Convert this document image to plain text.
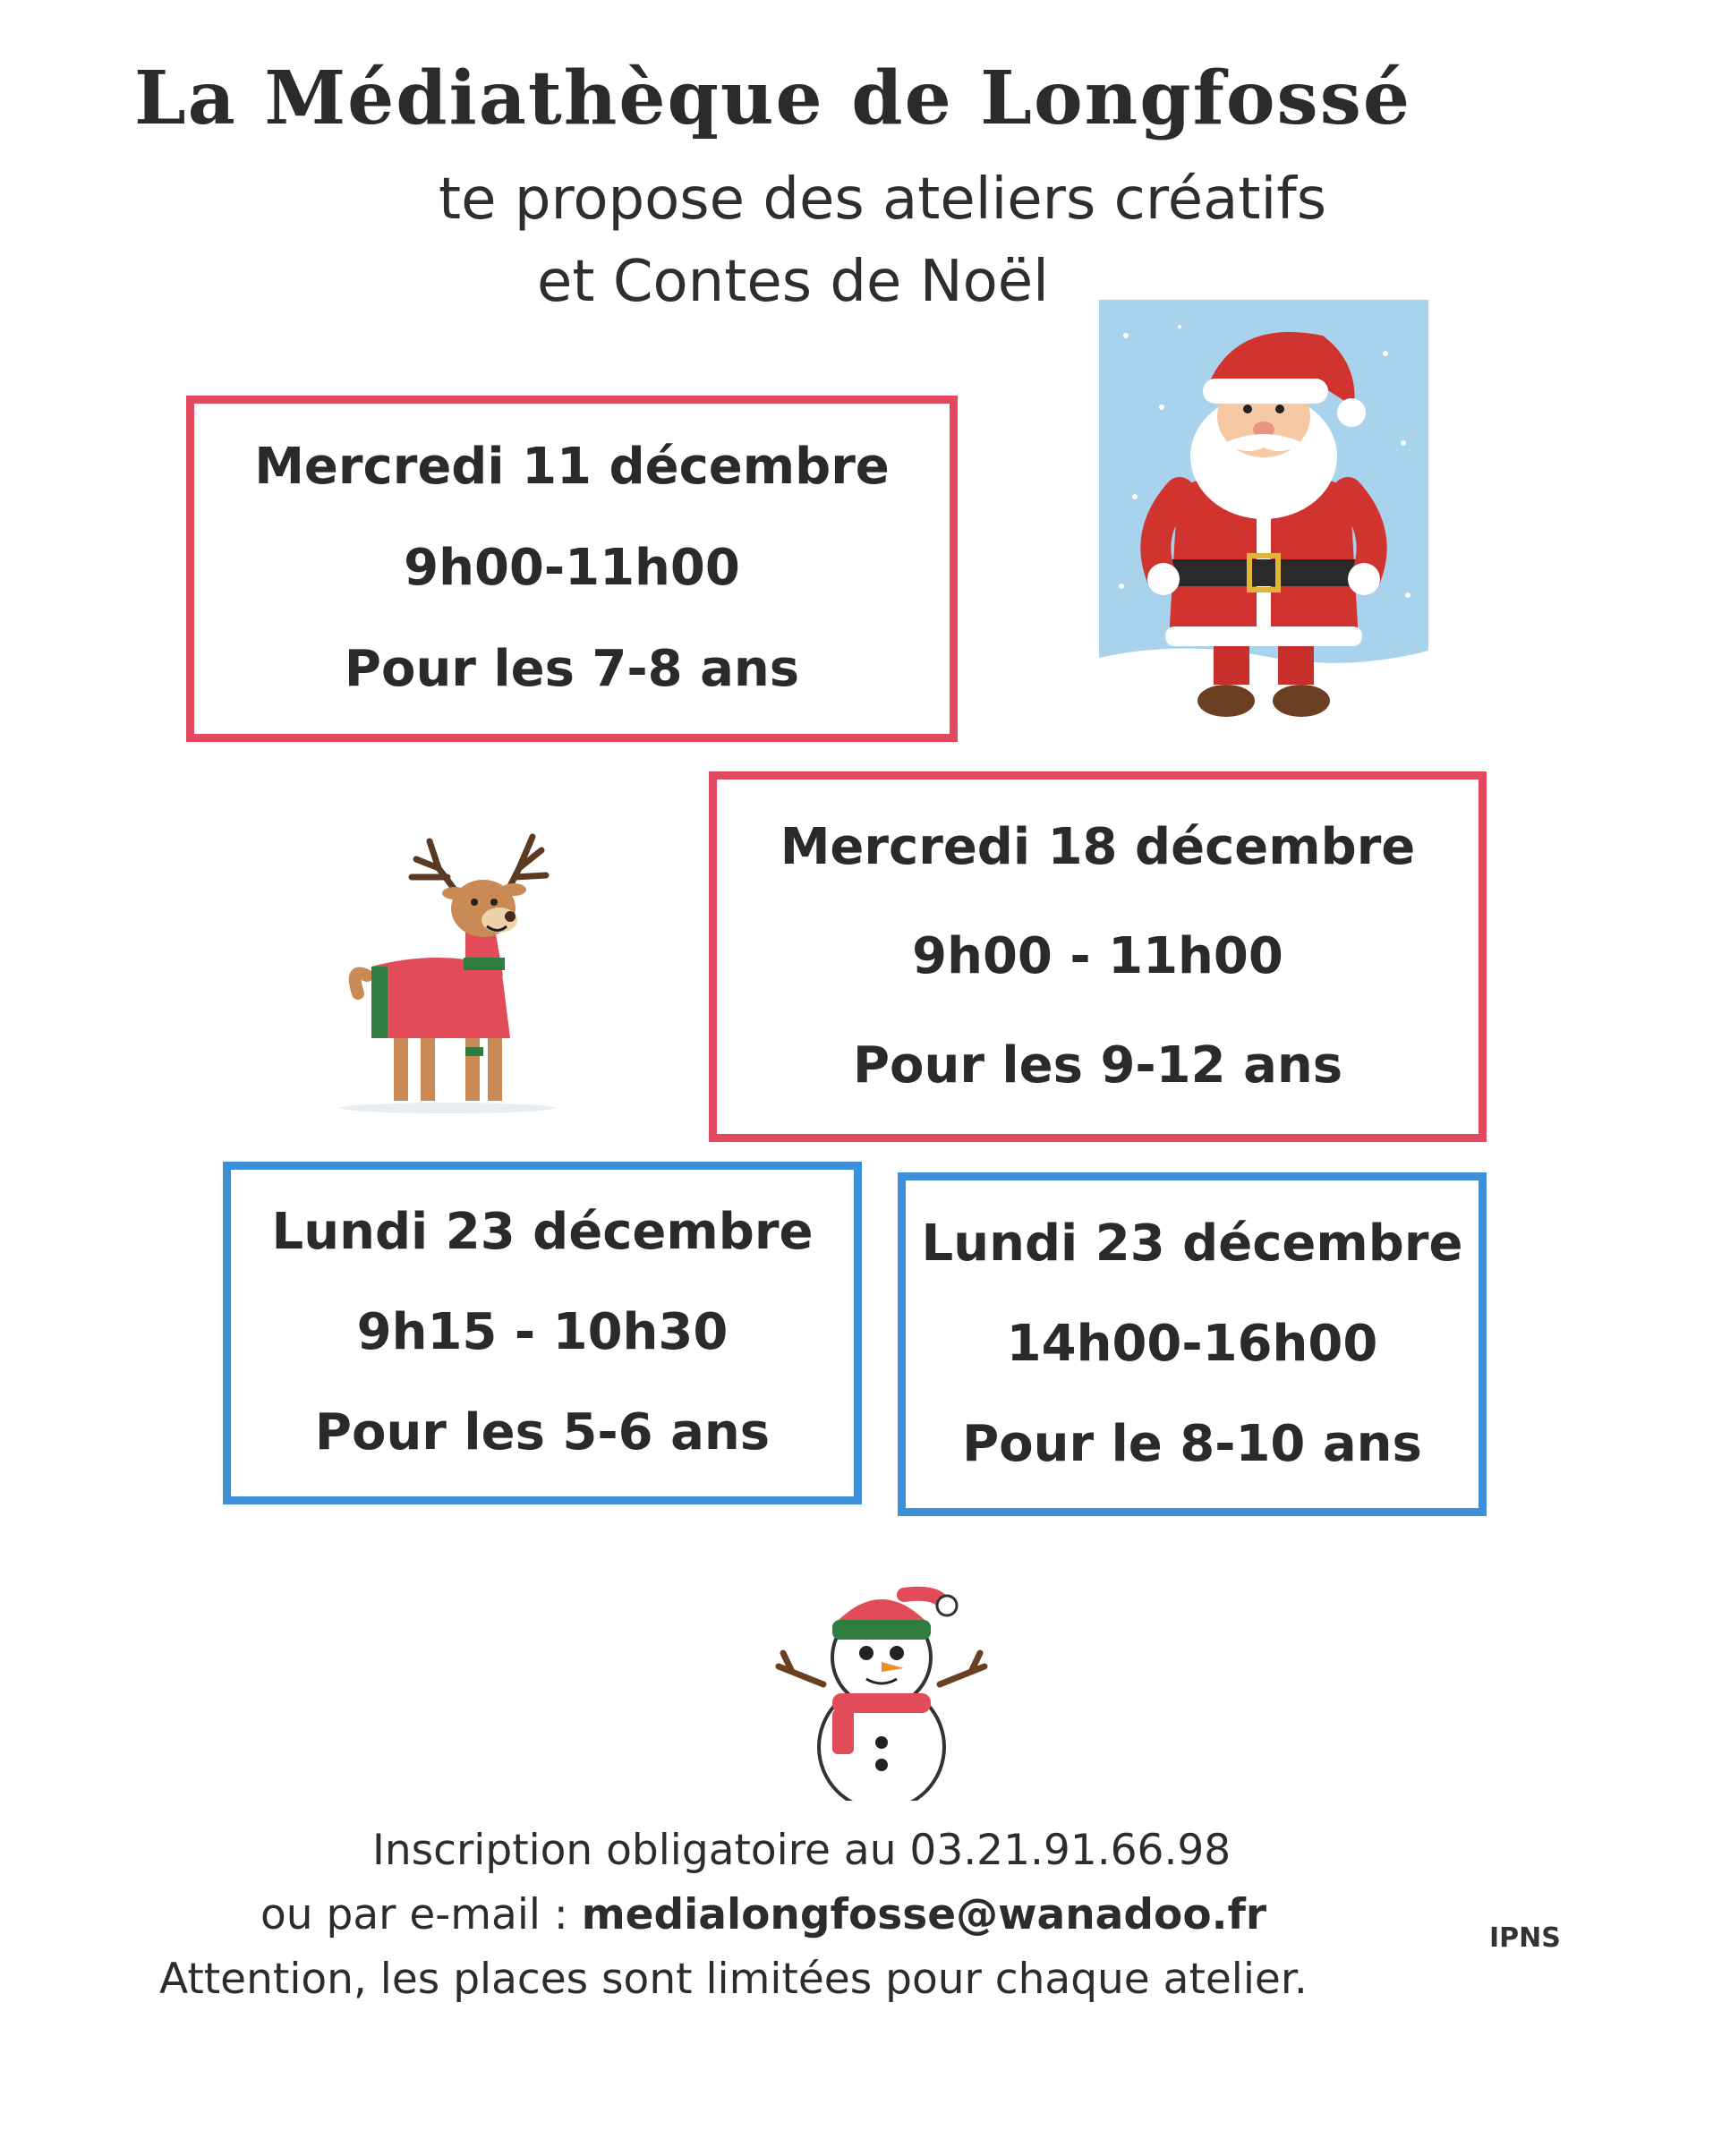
La Médiathèque de Longfossé
te propose des ateliers créatifs
et Contes de Noël
Mercredi 11 décembre
9h00-11h00
Pour les 7-8 ans
Mercredi 18 décembre
9h00 - 11h00
Pour les 9-12 ans
Lundi 23 décembre
9h15 - 10h30
Pour les 5-6 ans
Lundi 23 décembre
14h00-16h00
Pour le 8-10 ans
Inscription obligatoire au 03.21.91.66.98
ou par e-mail : medialongfosse@wanadoo.fr
Attention, les places sont limitées pour chaque atelier.
IPNS
